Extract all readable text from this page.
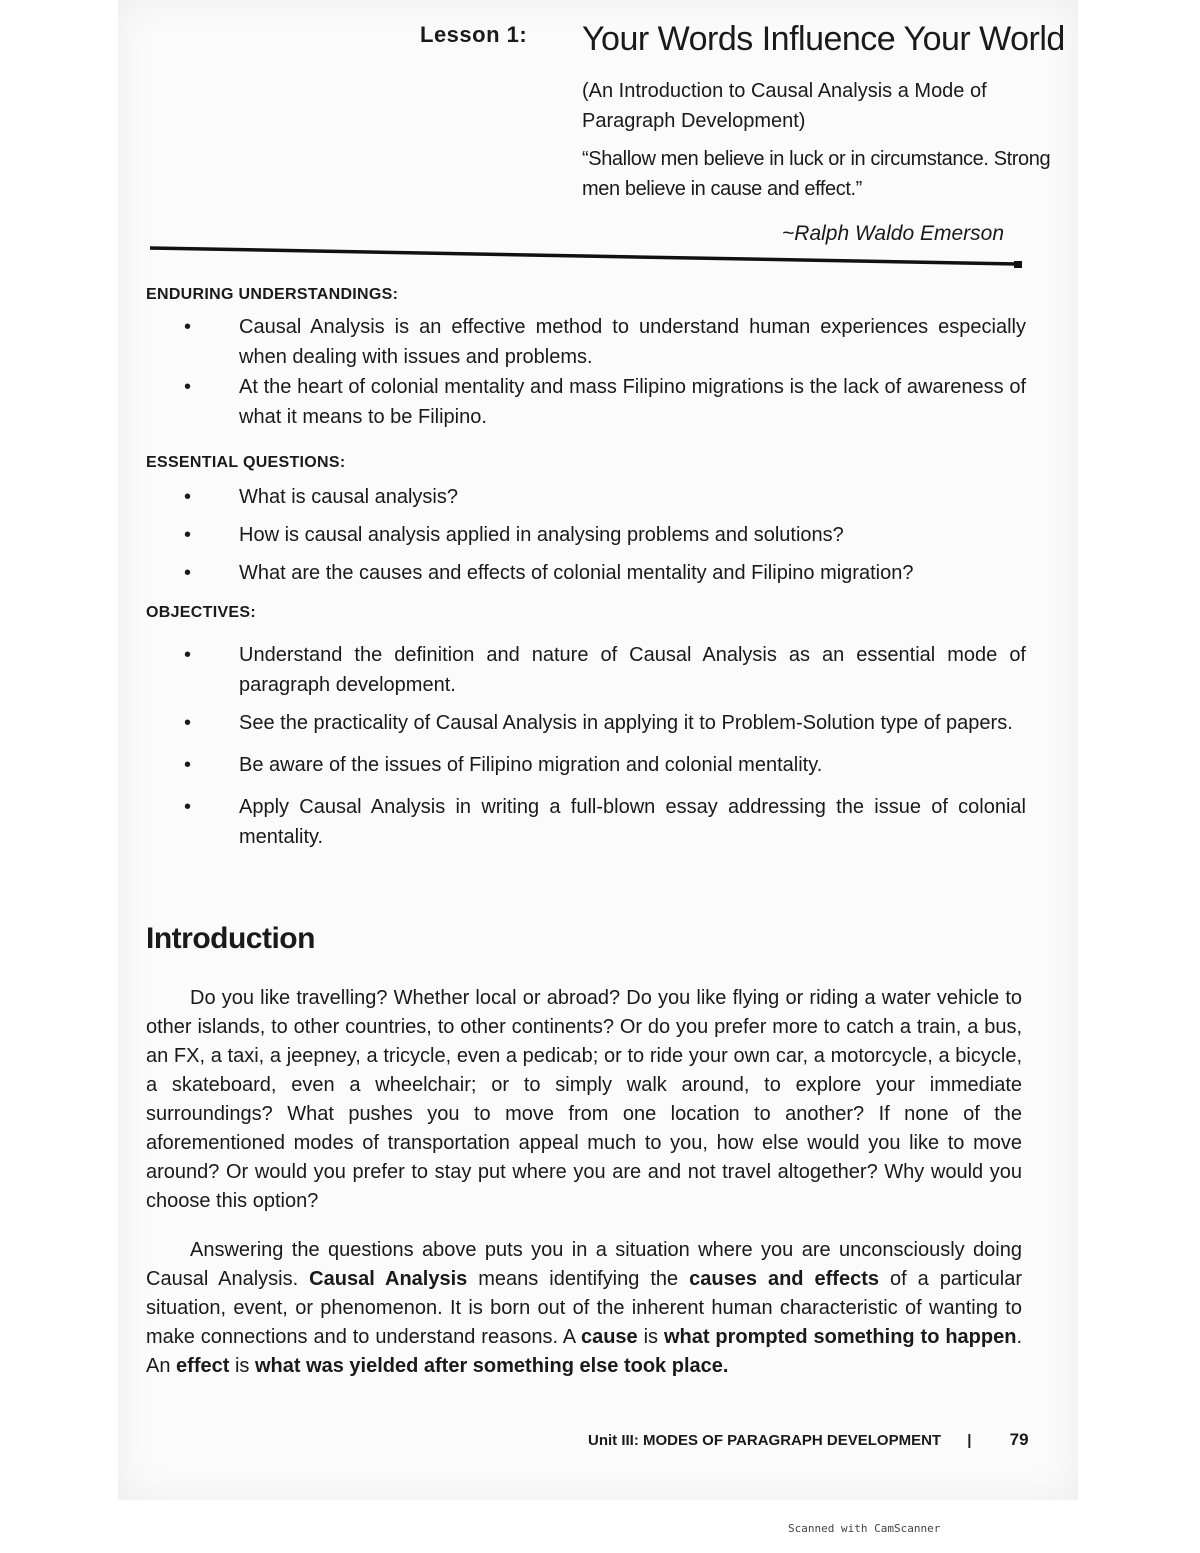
Lesson 1: Your Words Influence Your World
(An Introduction to Causal Analysis a Mode of Paragraph Development)
“Shallow men believe in luck or in circumstance. Strong men believe in cause and effect.”
~Ralph Waldo Emerson
ENDURING UNDERSTANDINGS:
• Causal Analysis is an effective method to understand human experiences especially when dealing with issues and problems.
• At the heart of colonial mentality and mass Filipino migrations is the lack of awareness of what it means to be Filipino.
ESSENTIAL QUESTIONS:
• What is causal analysis?
• How is causal analysis applied in analysing problems and solutions?
• What are the causes and effects of colonial mentality and Filipino migration?
OBJECTIVES:
• Understand the definition and nature of Causal Analysis as an essential mode of paragraph development.
• See the practicality of Causal Analysis in applying it to Problem-Solution type of papers.
• Be aware of the issues of Filipino migration and colonial mentality.
• Apply Causal Analysis in writing a full-blown essay addressing the issue of colonial mentality.
Introduction
Do you like travelling? Whether local or abroad? Do you like flying or riding a water vehicle to other islands, to other countries, to other continents? Or do you prefer more to catch a train, a bus, an FX, a taxi, a jeepney, a tricycle, even a pedicab; or to ride your own car, a motorcycle, a bicycle, a skateboard, even a wheelchair; or to simply walk around, to explore your immediate surroundings? What pushes you to move from one location to another? If none of the aforementioned modes of transportation appeal much to you, how else would you like to move around? Or would you prefer to stay put where you are and not travel altogether? Why would you choose this option?
Answering the questions above puts you in a situation where you are unconsciously doing Causal Analysis. Causal Analysis means identifying the causes and effects of a particular situation, event, or phenomenon. It is born out of the inherent human characteristic of wanting to make connections and to understand reasons. A cause is what prompted something to happen. An effect is what was yielded after something else took place.
Unit III: MODES OF PARAGRAPH DEVELOPMENT | 79
Scanned with CamScanner
